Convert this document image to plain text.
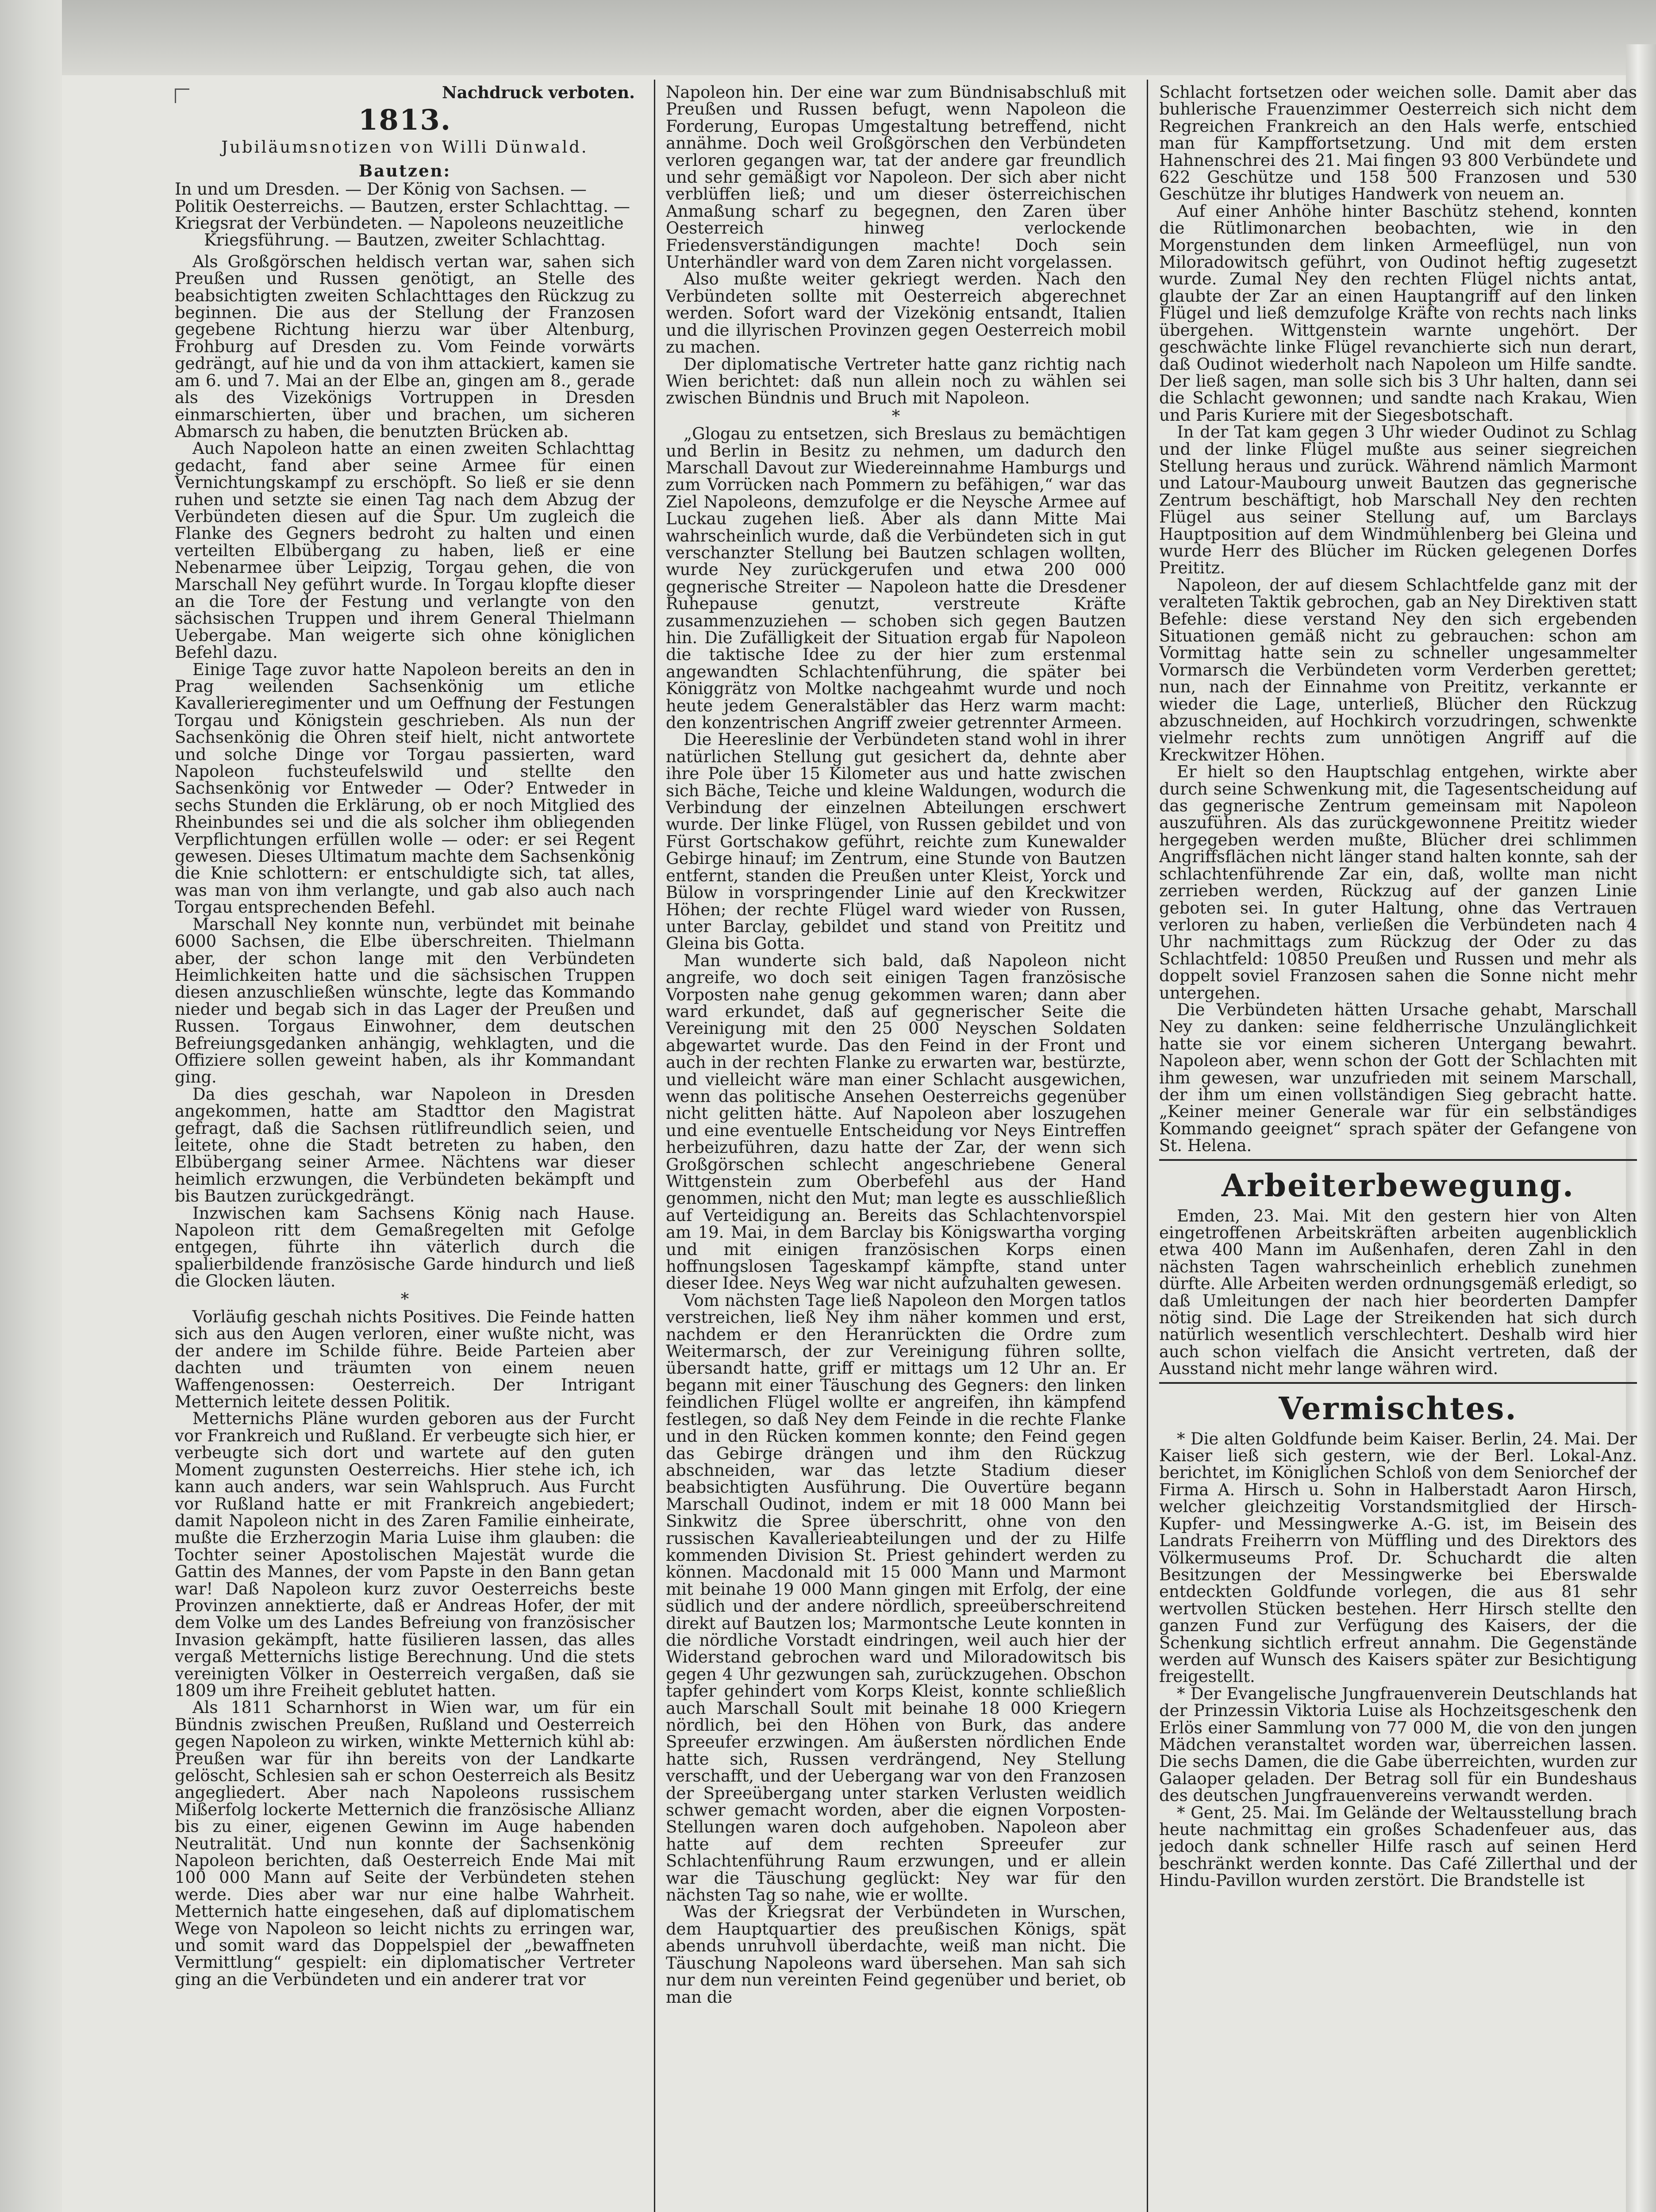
Nachdruck verboten.
1813.
Jubiläumsnotizen von Willi Dünwald.
Bautzen:
In und um Dresden. — Der König von Sachsen. —
Politik Oesterreichs. — Bautzen, erster Schlachttag. —
Kriegsrat der Verbündeten. — Napoleons neuzeitliche
Kriegsführung. — Bautzen, zweiter Schlachttag.

Als Großgörschen heldisch vertan war, sahen sich Preußen und Russen genötigt, an Stelle des beabsichtigten zweiten Schlachttages den Rückzug zu beginnen. Die aus der Stellung der Franzosen gegebene Richtung hierzu war über Altenburg, Frohburg auf Dresden zu. Vom Feinde vorwärts gedrängt, auf hie und da von ihm attackiert, kamen sie am 6. und 7. Mai an der Elbe an, gingen am 8., gerade als des Vizekönigs Vortruppen in Dresden einmarschierten, über und brachen, um sicheren Abmarsch zu haben, die benutzten Brücken ab.

Auch Napoleon hatte an einen zweiten Schlachttag gedacht, fand aber seine Armee für einen Vernichtungskampf zu erschöpft. So ließ er sie denn ruhen und setzte sie einen Tag nach dem Abzug der Verbündeten diesen auf die Spur. Um zugleich die Flanke des Gegners bedroht zu halten und einen verteilten Elbübergang zu haben, ließ er eine Nebenarmee über Leipzig, Torgau gehen, die von Marschall Ney geführt wurde. In Torgau klopfte dieser an die Tore der Festung und verlangte von den sächsischen Truppen und ihrem General Thielmann Uebergabe. Man weigerte sich ohne königlichen Befehl dazu.

Einige Tage zuvor hatte Napoleon bereits an den in Prag weilenden Sachsenkönig um etliche Kavallerieregimenter und um Oeffnung der Festungen Torgau und Königstein geschrieben. Als nun der Sachsenkönig die Ohren steif hielt, nicht antwortete und solche Dinge vor Torgau passierten, ward Napoleon fuchsteufelswild und stellte den Sachsenkönig vor Entweder — Oder? Entweder in sechs Stunden die Erklärung, ob er noch Mitglied des Rheinbundes sei und die als solcher ihm obliegenden Verpflichtungen erfüllen wolle — oder: er sei Regent gewesen. Dieses Ultimatum machte dem Sachsenkönig die Knie schlottern: er entschuldigte sich, tat alles, was man von ihm verlangte, und gab also auch nach Torgau entsprechenden Befehl.

Marschall Ney konnte nun, verbündet mit beinahe 6000 Sachsen, die Elbe überschreiten. Thielmann aber, der schon lange mit den Verbündeten Heimlichkeiten hatte und die sächsischen Truppen diesen anzuschließen wünschte, legte das Kommando nieder und begab sich in das Lager der Preußen und Russen. Torgaus Einwohner, dem deutschen Befreiungsgedanken anhängig, wehklagten, und die Offiziere sollen geweint haben, als ihr Kommandant ging.

Da dies geschah, war Napoleon in Dresden angekommen, hatte am Stadttor den Magistrat gefragt, daß die Sachsen rütlifreundlich seien, und leitete, ohne die Stadt betreten zu haben, den Elbübergang seiner Armee. Nächtens war dieser heimlich erzwungen, die Verbündeten bekämpft und bis Bautzen zurückgedrängt.

Inzwischen kam Sachsens König nach Hause. Napoleon ritt dem Gemaßregelten mit Gefolge entgegen, führte ihn väterlich durch die spalierbildende französische Garde hindurch und ließ die Glocken läuten.

*

Vorläufig geschah nichts Positives. Die Feinde hatten sich aus den Augen verloren, einer wußte nicht, was der andere im Schilde führe. Beide Parteien aber dachten und träumten von einem neuen Waffengenossen: Oesterreich. Der Intrigant Metternich leitete dessen Politik.

Metternichs Pläne wurden geboren aus der Furcht vor Frankreich und Rußland. Er verbeugte sich hier, er verbeugte sich dort und wartete auf den guten Moment zugunsten Oesterreichs. Hier stehe ich, ich kann auch anders, war sein Wahlspruch. Aus Furcht vor Rußland hatte er mit Frankreich angebiedert; damit Napoleon nicht in des Zaren Familie einheirate, mußte die Erzherzogin Maria Luise ihm glauben: die Tochter seiner Apostolischen Majestät wurde die Gattin des Mannes, der vom Papste in den Bann getan war! Daß Napoleon kurz zuvor Oesterreichs beste Provinzen annektierte, daß er Andreas Hofer, der mit dem Volke um des Landes Befreiung von französischer Invasion gekämpft, hatte füsilieren lassen, das alles vergaß Metternichs listige Berechnung. Und die stets vereinigten Völker in Oesterreich vergaßen, daß sie 1809 um ihre Freiheit geblutet hatten.

Als 1811 Scharnhorst in Wien war, um für ein Bündnis zwischen Preußen, Rußland und Oesterreich gegen Napoleon zu wirken, winkte Metternich kühl ab: Preußen war für ihn bereits von der Landkarte gelöscht, Schlesien sah er schon Oesterreich als Besitz angegliedert. Aber nach Napoleons russischem Mißerfolg lockerte Metternich die französische Allianz bis zu einer, eigenen Gewinn im Auge habenden Neutralität. Und nun konnte der Sachsenkönig Napoleon berichten, daß Oesterreich Ende Mai mit 100 000 Mann auf Seite der Verbündeten stehen werde. Dies aber war nur eine halbe Wahrheit. Metternich hatte eingesehen, daß auf diplomatischem Wege von Napoleon so leicht nichts zu erringen war, und somit ward das Doppelspiel der „bewaffneten Vermittlung“ gespielt: ein diplomatischer Vertreter ging an die Verbündeten und ein anderer trat vor

Napoleon hin. Der eine war zum Bündnisabschluß mit Preußen und Russen befugt, wenn Napoleon die Forderung, Europas Umgestaltung betreffend, nicht annähme. Doch weil Großgörschen den Verbündeten verloren gegangen war, tat der andere gar freundlich und sehr gemäßigt vor Napoleon. Der sich aber nicht verblüffen ließ; und um dieser österreichischen Anmaßung scharf zu begegnen, den Zaren über Oesterreich hinweg verlockende Friedensverständigungen machte! Doch sein Unterhändler ward von dem Zaren nicht vorgelassen.

Also mußte weiter gekriegt werden. Nach den Verbündeten sollte mit Oesterreich abgerechnet werden. Sofort ward der Vizekönig entsandt, Italien und die illyrischen Provinzen gegen Oesterreich mobil zu machen.

Der diplomatische Vertreter hatte ganz richtig nach Wien berichtet: daß nun allein noch zu wählen sei zwischen Bündnis und Bruch mit Napoleon.

*

„Glogau zu entsetzen, sich Breslaus zu bemächtigen und Berlin in Besitz zu nehmen, um dadurch den Marschall Davout zur Wiedereinnahme Hamburgs und zum Vorrücken nach Pommern zu befähigen,“ war das Ziel Napoleons, demzufolge er die Neysche Armee auf Luckau zugehen ließ. Aber als dann Mitte Mai wahrscheinlich wurde, daß die Verbündeten sich in gut verschanzter Stellung bei Bautzen schlagen wollten, wurde Ney zurückgerufen und etwa 200 000 gegnerische Streiter — Napoleon hatte die Dresdener Ruhepause genutzt, verstreute Kräfte zusammenzuziehen — schoben sich gegen Bautzen hin. Die Zufälligkeit der Situation ergab für Napoleon die taktische Idee zu der hier zum erstenmal angewandten Schlachtenführung, die später bei Königgrätz von Moltke nachgeahmt wurde und noch heute jedem Generalstäbler das Herz warm macht: den konzentrischen Angriff zweier getrennter Armeen.

Die Heereslinie der Verbündeten stand wohl in ihrer natürlichen Stellung gut gesichert da, dehnte aber ihre Pole über 15 Kilometer aus und hatte zwischen sich Bäche, Teiche und kleine Waldungen, wodurch die Verbindung der einzelnen Abteilungen erschwert wurde. Der linke Flügel, von Russen gebildet und von Fürst Gortschakow geführt, reichte zum Kunewalder Gebirge hinauf; im Zentrum, eine Stunde von Bautzen entfernt, standen die Preußen unter Kleist, Yorck und Bülow in vorspringender Linie auf den Kreckwitzer Höhen; der rechte Flügel ward wieder von Russen, unter Barclay, gebildet und stand von Preititz und Gleina bis Gotta.

Man wunderte sich bald, daß Napoleon nicht angreife, wo doch seit einigen Tagen französische Vorposten nahe genug gekommen waren; dann aber ward erkundet, daß auf gegnerischer Seite die Vereinigung mit den 25 000 Neyschen Soldaten abgewartet wurde. Das den Feind in der Front und auch in der rechten Flanke zu erwarten war, bestürzte, und vielleicht wäre man einer Schlacht ausgewichen, wenn das politische Ansehen Oesterreichs gegenüber nicht gelitten hätte. Auf Napoleon aber loszugehen und eine eventuelle Entscheidung vor Neys Eintreffen herbeizuführen, dazu hatte der Zar, der wenn sich Großgörschen schlecht angeschriebene General Wittgenstein zum Oberbefehl aus der Hand genommen, nicht den Mut; man legte es ausschließlich auf Verteidigung an. Bereits das Schlachtenvorspiel am 19. Mai, in dem Barclay bis Königswartha vorging und mit einigen französischen Korps einen hoffnungslosen Tageskampf kämpfte, stand unter dieser Idee. Neys Weg war nicht aufzuhalten gewesen.

Vom nächsten Tage ließ Napoleon den Morgen tatlos verstreichen, ließ Ney ihm näher kommen und erst, nachdem er den Heranrückten die Ordre zum Weitermarsch, der zur Vereinigung führen sollte, übersandt hatte, griff er mittags um 12 Uhr an. Er begann mit einer Täuschung des Gegners: den linken feindlichen Flügel wollte er angreifen, ihn kämpfend festlegen, so daß Ney dem Feinde in die rechte Flanke und in den Rücken kommen konnte; den Feind gegen das Gebirge drängen und ihm den Rückzug abschneiden, war das letzte Stadium dieser beabsichtigten Ausführung. Die Ouvertüre begann Marschall Oudinot, indem er mit 18 000 Mann bei Sinkwitz die Spree überschritt, ohne von den russischen Kavallerieabteilungen und der zu Hilfe kommenden Division St. Priest gehindert werden zu können. Macdonald mit 15 000 Mann und Marmont mit beinahe 19 000 Mann gingen mit Erfolg, der eine südlich und der andere nördlich, spreeüberschreitend direkt auf Bautzen los; Marmontsche Leute konnten in die nördliche Vorstadt eindringen, weil auch hier der Widerstand gebrochen ward und Miloradowitsch bis gegen 4 Uhr gezwungen sah, zurückzugehen. Obschon tapfer gehindert vom Korps Kleist, konnte schließlich auch Marschall Soult mit beinahe 18 000 Kriegern nördlich, bei den Höhen von Burk, das andere Spreeufer erzwingen. Am äußersten nördlichen Ende hatte sich, Russen verdrängend, Ney Stellung verschafft, und der Uebergang war von den Franzosen der Spreeübergang unter starken Verlusten weidlich schwer gemacht worden, aber die eignen Vorposten-Stellungen waren doch aufgehoben. Napoleon aber hatte auf dem rechten Spreeufer zur Schlachtenführung Raum erzwungen, und er allein war die Täuschung geglückt: Ney war für den nächsten Tag so nahe, wie er wollte.

Was der Kriegsrat der Verbündeten in Wurschen, dem Hauptquartier des preußischen Königs, spät abends unruhvoll überdachte, weiß man nicht. Die Täuschung Napoleons ward übersehen. Man sah sich nur dem nun vereinten Feind gegenüber und beriet, ob man die

Schlacht fortsetzen oder weichen solle. Damit aber das buhlerische Frauenzimmer Oesterreich sich nicht dem Regreichen Frankreich an den Hals werfe, entschied man für Kampffortsetzung. Und mit dem ersten Hahnenschrei des 21. Mai fingen 93 800 Verbündete und 622 Geschütze und 158 500 Franzosen und 530 Geschütze ihr blutiges Handwerk von neuem an.

Auf einer Anhöhe hinter Baschütz stehend, konnten die Rütlimonarchen beobachten, wie in den Morgenstunden dem linken Armeeflügel, nun von Miloradowitsch geführt, von Oudinot heftig zugesetzt wurde. Zumal Ney den rechten Flügel nichts antat, glaubte der Zar an einen Hauptangriff auf den linken Flügel und ließ demzufolge Kräfte von rechts nach links übergehen. Wittgenstein warnte ungehört. Der geschwächte linke Flügel revanchierte sich nun derart, daß Oudinot wiederholt nach Napoleon um Hilfe sandte. Der ließ sagen, man solle sich bis 3 Uhr halten, dann sei die Schlacht gewonnen; und sandte nach Krakau, Wien und Paris Kuriere mit der Siegesbotschaft.

In der Tat kam gegen 3 Uhr wieder Oudinot zu Schlag und der linke Flügel mußte aus seiner siegreichen Stellung heraus und zurück. Während nämlich Marmont und Latour-Maubourg unweit Bautzen das gegnerische Zentrum beschäftigt, hob Marschall Ney den rechten Flügel aus seiner Stellung auf, um Barclays Hauptposition auf dem Windmühlenberg bei Gleina und wurde Herr des Blücher im Rücken gelegenen Dorfes Preititz.

Napoleon, der auf diesem Schlachtfelde ganz mit der veralteten Taktik gebrochen, gab an Ney Direktiven statt Befehle: diese verstand Ney den sich ergebenden Situationen gemäß nicht zu gebrauchen: schon am Vormittag hatte sein zu schneller ungesammelter Vormarsch die Verbündeten vorm Verderben gerettet; nun, nach der Einnahme von Preititz, verkannte er wieder die Lage, unterließ, Blücher den Rückzug abzuschneiden, auf Hochkirch vorzudringen, schwenkte vielmehr rechts zum unnötigen Angriff auf die Kreckwitzer Höhen.

Er hielt so den Hauptschlag entgehen, wirkte aber durch seine Schwenkung mit, die Tagesentscheidung auf das gegnerische Zentrum gemeinsam mit Napoleon auszuführen. Als das zurückgewonnene Preititz wieder hergegeben werden mußte, Blücher drei schlimmen Angriffsflächen nicht länger stand halten konnte, sah der schlachtenführende Zar ein, daß, wollte man nicht zerrieben werden, Rückzug auf der ganzen Linie geboten sei. In guter Haltung, ohne das Vertrauen verloren zu haben, verließen die Verbündeten nach 4 Uhr nachmittags zum Rückzug der Oder zu das Schlachtfeld: 10850 Preußen und Russen und mehr als doppelt soviel Franzosen sahen die Sonne nicht mehr untergehen.

Die Verbündeten hätten Ursache gehabt, Marschall Ney zu danken: seine feldherrische Unzulänglichkeit hatte sie vor einem sicheren Untergang bewahrt. Napoleon aber, wenn schon der Gott der Schlachten mit ihm gewesen, war unzufrieden mit seinem Marschall, der ihm um einen vollständigen Sieg gebracht hatte. „Keiner meiner Generale war für ein selbständiges Kommando geeignet“ sprach später der Gefangene von St. Helena.

Arbeiterbewegung.

Emden, 23. Mai. Mit den gestern hier von Alten eingetroffenen Arbeitskräften arbeiten augenblicklich etwa 400 Mann im Außenhafen, deren Zahl in den nächsten Tagen wahrscheinlich erheblich zunehmen dürfte. Alle Arbeiten werden ordnungsgemäß erledigt, so daß Umleitungen der nach hier beorderten Dampfer nötig sind. Die Lage der Streikenden hat sich durch natürlich wesentlich verschlechtert. Deshalb wird hier auch schon vielfach die Ansicht vertreten, daß der Ausstand nicht mehr lange währen wird.

Vermischtes.

* Die alten Goldfunde beim Kaiser. Berlin, 24. Mai. Der Kaiser ließ sich gestern, wie der Berl. Lokal-Anz. berichtet, im Königlichen Schloß von dem Seniorchef der Firma A. Hirsch u. Sohn in Halberstadt Aaron Hirsch, welcher gleichzeitig Vorstandsmitglied der Hirsch-Kupfer- und Messingwerke A.-G. ist, im Beisein des Landrats Freiherrn von Müffling und des Direktors des Völkermuseums Prof. Dr. Schuchardt die alten Besitzungen der Messingwerke bei Eberswalde entdeckten Goldfunde vorlegen, die aus 81 sehr wertvollen Stücken bestehen. Herr Hirsch stellte den ganzen Fund zur Verfügung des Kaisers, der die Schenkung sichtlich erfreut annahm. Die Gegenstände werden auf Wunsch des Kaisers später zur Besichtigung freigestellt.

* Der Evangelische Jungfrauenverein Deutschlands hat der Prinzessin Viktoria Luise als Hochzeitsgeschenk den Erlös einer Sammlung von 77 000 M, die von den jungen Mädchen veranstaltet worden war, überreichen lassen. Die sechs Damen, die die Gabe überreichten, wurden zur Galaoper geladen. Der Betrag soll für ein Bundeshaus des deutschen Jungfrauenvereins verwandt werden.

* Gent, 25. Mai. Im Gelände der Weltausstellung brach heute nachmittag ein großes Schadenfeuer aus, das jedoch dank schneller Hilfe rasch auf seinen Herd beschränkt werden konnte. Das Café Zillerthal und der Hindu-Pavillon wurden zerstört. Die Brandstelle ist
